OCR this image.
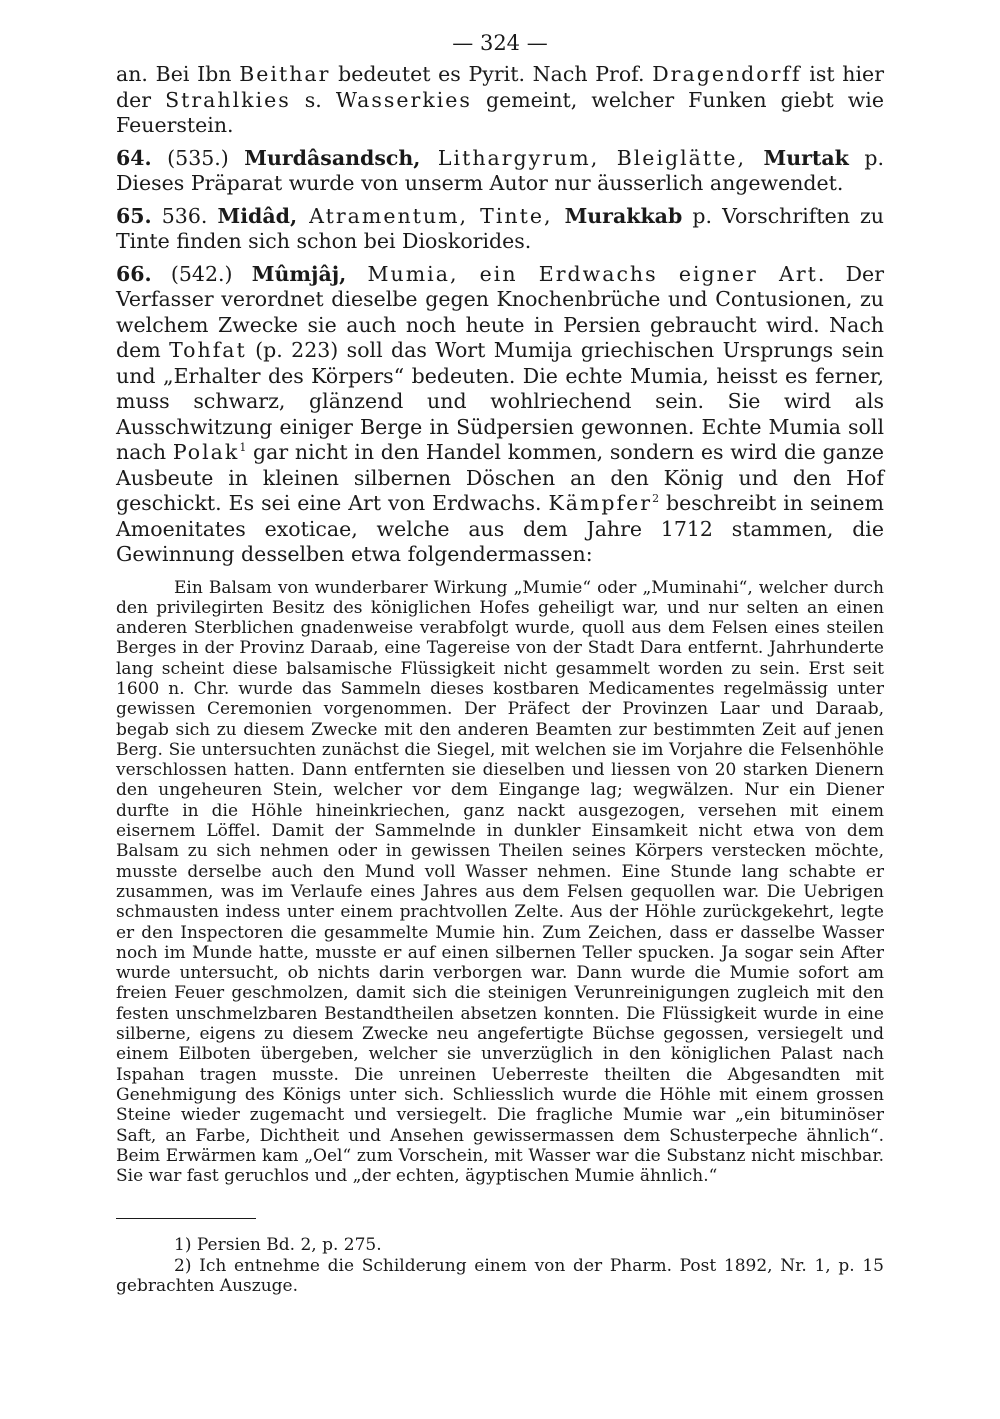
— 324 —

an. Bei Ibn Beithar bedeutet es Pyrit. Nach Prof. Dragendorff ist hier der Strahlkies s. Wasserkies gemeint, welcher Funken giebt wie Feuerstein.

64. (535.) Murdâsandsch, Lithargyrum, Bleiglätte, Murtak p. Dieses Präparat wurde von unserm Autor nur äusserlich angewendet.

65. 536. Midâd, Atramentum, Tinte, Murakkab p. Vorschriften zu Tinte finden sich schon bei Dioskorides.

66. (542.) Mûmjâj, Mumia, ein Erdwachs eigner Art. Der Verfasser verordnet dieselbe gegen Knochenbrüche und Contusionen, zu welchem Zwecke sie auch noch heute in Persien gebraucht wird. Nach dem Tohfat (p. 223) soll das Wort Mumija griechischen Ursprungs sein und „Erhalter des Körpers“ bedeuten. Die echte Mumia, heisst es ferner, muss schwarz, glänzend und wohlriechend sein. Sie wird als Ausschwitzung einiger Berge in Südpersien gewonnen. Echte Mumia soll nach Polak$^1$ gar nicht in den Handel kommen, sondern es wird die ganze Ausbeute in kleinen silbernen Döschen an den König und den Hof geschickt. Es sei eine Art von Erdwachs. Kämpfer$^2$ beschreibt in seinem Amoenitates exoticae, welche aus dem Jahre 1712 stammen, die Gewinnung desselben etwa folgendermassen:

Ein Balsam von wunderbarer Wirkung „Mumie“ oder „Muminahi“, welcher durch den privilegirten Besitz des königlichen Hofes geheiligt war, und nur selten an einen anderen Sterblichen gnadenweise verabfolgt wurde, quoll aus dem Felsen eines steilen Berges in der Provinz Daraab, eine Tagereise von der Stadt Dara entfernt. Jahrhunderte lang scheint diese balsamische Flüssigkeit nicht gesammelt worden zu sein. Erst seit 1600 n. Chr. wurde das Sammeln dieses kostbaren Medicamentes regelmässig unter gewissen Ceremonien vorgenommen. Der Präfect der Provinzen Laar und Daraab, begab sich zu diesem Zwecke mit den anderen Beamten zur bestimmten Zeit auf jenen Berg. Sie untersuchten zunächst die Siegel, mit welchen sie im Vorjahre die Felsenhöhle verschlossen hatten. Dann entfernten sie dieselben und liessen von 20 starken Dienern den ungeheuren Stein, welcher vor dem Eingange lag; wegwälzen. Nur ein Diener durfte in die Höhle hineinkriechen, ganz nackt ausgezogen, versehen mit einem eisernem Löffel. Damit der Sammelnde in dunkler Einsamkeit nicht etwa von dem Balsam zu sich nehmen oder in gewissen Theilen seines Körpers verstecken möchte, musste derselbe auch den Mund voll Wasser nehmen. Eine Stunde lang schabte er zusammen, was im Verlaufe eines Jahres aus dem Felsen gequollen war. Die Uebrigen schmausten indess unter einem prachtvollen Zelte. Aus der Höhle zurückgekehrt, legte er den Inspectoren die gesammelte Mumie hin. Zum Zeichen, dass er dasselbe Wasser noch im Munde hatte, musste er auf einen silbernen Teller spucken. Ja sogar sein After wurde untersucht, ob nichts darin verborgen war. Dann wurde die Mumie sofort am freien Feuer geschmolzen, damit sich die steinigen Verunreinigungen zugleich mit den festen unschmelzbaren Bestandtheilen absetzen konnten. Die Flüssigkeit wurde in eine silberne, eigens zu diesem Zwecke neu angefertigte Büchse gegossen, versiegelt und einem Eilboten übergeben, welcher sie unverzüglich in den königlichen Palast nach Ispahan tragen musste. Die unreinen Ueberreste theilten die Abgesandten mit Genehmigung des Königs unter sich. Schliesslich wurde die Höhle mit einem grossen Steine wieder zugemacht und versiegelt. Die fragliche Mumie war „ein bituminöser Saft, an Farbe, Dichtheit und Ansehen gewissermassen dem Schusterpeche ähnlich“. Beim Erwärmen kam „Oel“ zum Vorschein, mit Wasser war die Substanz nicht mischbar. Sie war fast geruchlos und „der echten, ägyptischen Mumie ähnlich.“

1) Persien Bd. 2, p. 275.

2) Ich entnehme die Schilderung einem von der Pharm. Post 1892, Nr. 1, p. 15 gebrachten Auszuge.
